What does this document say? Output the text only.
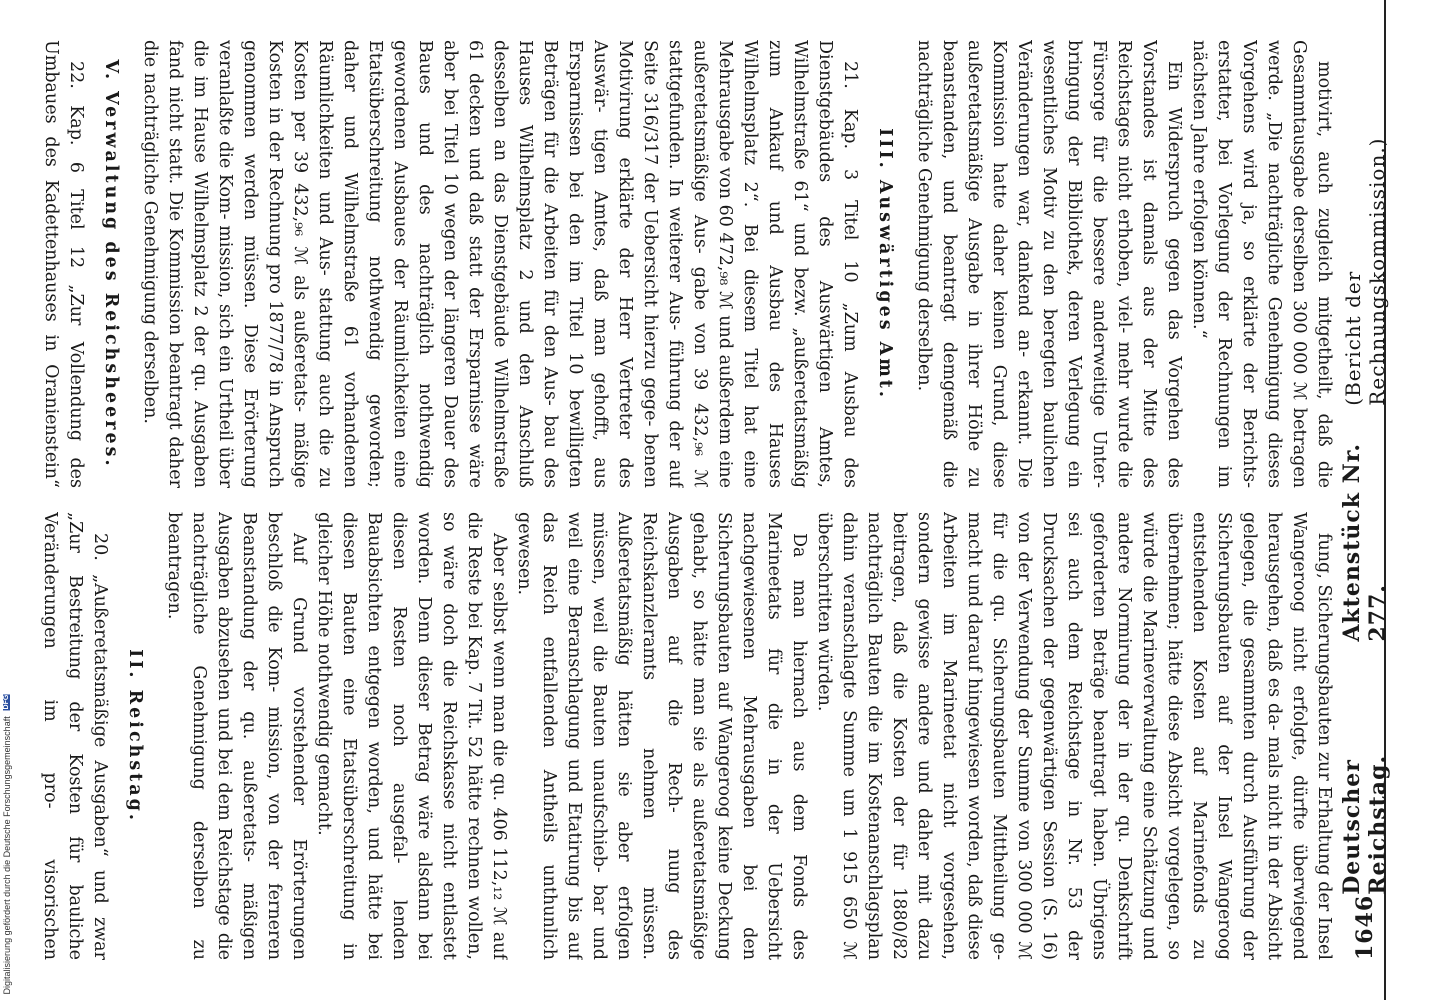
Digitalisierung gefördert durch die Deutsche Forschungsgemeinschaft DFG
1646
Deutscher Reichstag.
Aktenstück Nr. 277.
(Bericht der Rechnungskommission.)

fung, Sicherungsbauten zur Erhaltung der Insel Wangeroog nicht erfolgte, dürfte überwiegend herausgehen, daß es da- mals nicht in der Absicht gelegen, die gesammten durch Ausführung der Sicherungsbauten auf der Insel Wangeroog entstehenden Kosten auf Marinefonds zu übernehmen; hätte diese Absicht vorgelegen, so würde die Marineverwaltung eine Schätzung und andere Normirung der in der qu. Denkschrift geforderten Beträge beantragt haben. Übrigens sei auch dem Reichstage in Nr. 53 der Drucksachen der gegenwärtigen Session (S. 16) von der Verwendung der Summe von 300 000 ℳ für die qu. Sicherungsbauten Mittheilung ge- macht und darauf hingewiesen worden, daß diese Arbeiten im Marineetat nicht vorgesehen, sondern gewisse andere und daher mit dazu beitragen, daß die Kosten der für 1880/82 nachträglich Bauten die im Kostenanschlagsplan dahin veranschlagte Summe um 1 915 650 ℳ überschritten würden.

Da man hiernach aus dem Fonds des Marineetats für die in der Uebersicht nachgewiesenen Mehrausgaben bei den Sicherungsbauten auf Wangeroog keine Deckung gehabt, so hätte man sie als außeretatsmäßige Ausgaben auf die Rech- nung des Reichskanzleramts nehmen müssen. Außeretatsmäßig hätten sie aber erfolgen müssen, weil die Bauten unaufschieb- bar und weil eine Beranschlagung und Etatirung bis auf das Reich entfallenden Antheils unthunlich gewesen.

Aber selbst wenn man die qu. 406 112,₁₂ ℳ auf die Reste bei Kap. 7 Tit. 52 hätte rechnen wollen, so wäre doch die Reichskasse nicht entlastet worden. Denn dieser Betrag wäre alsdann bei diesen Resten noch ausgefal- lenden Bauabsichten entgegen worden, und hätte bei diesen Bauten eine Etatsüberschreitung in gleicher Höhe nothwendig gemacht.

Auf Grund vorstehender Erörterungen beschloß die Kom- mission, von der ferneren Beanstandung der qu. außeretats- mäßigen Ausgaben abzusehen und bei dem Reichstage die nachträgliche Genehmigung derselben zu beantragen.

II. Reichstag.

20. „Außeretatsmäßige Ausgaben“ und zwar „Zur Bestreitung der Kosten für bauliche Veränderungen im pro- visorischen

motivirt, auch zugleich mitgetheilt, daß die Gesammtausgabe derselben 300 000 ℳ betragen werde. „Die nachträgliche Genehmigung dieses Vorgehens wird ja, so erklärte der Berichts- erstatter, bei Vorlegung der Rechnungen im nächsten Jahre erfolgen können.“

Ein Widerspruch gegen das Vorgehen des Vorstandes ist damals aus der Mitte des Reichstages nicht erhoben, viel- mehr wurde die Fürsorge für die bessere anderweitige Unter- bringung der Bibliothek, deren Verlegung ein wesentliches Motiv zu den beregten baulichen Veränderungen war, dankend an- erkannt. Die Kommission hatte daher keinen Grund, diese außeretatsmäßige Ausgabe in ihrer Höhe zu beanstanden, und beantragt demgemäß die nachträgliche Genehmigung derselben.

III. Auswärtiges Amt.

21. Kap. 3 Titel 10 „Zum Ausbau des Dienstgebäudes des Auswärtigen Amtes, Wilhelmstraße 61“ und bezw. „außeretatsmäßig zum Ankauf und Ausbau des Hauses Wilhelmsplatz 2“. Bei diesem Titel hat eine Mehrausgabe von 60 472,₉₈ ℳ und außerdem eine außeretatsmäßige Aus- gabe von 39 432,₉₆ ℳ stattgefunden. In weiterer Aus- führung der auf Seite 316/317 der Uebersicht hierzu gege- benen Motivirung erklärte der Herr Vertreter des Auswär- tigen Amtes, daß man gehofft, aus Ersparnissen bei den im Titel 10 bewilligten Beträgen für die Arbeiten für den Aus- bau des Hauses Wilhelmsplatz 2 und den Anschluß desselben an das Dienstgebäude Wilhelmstraße 61 decken und daß statt der Ersparnisse wäre aber bei Titel 10 wegen der längeren Dauer des Baues und des nachträglich nothwendig gewordenen Ausbaues der Räumlichkeiten eine Etatsüberschreitung nothwendig geworden; daher und Wilhelmstraße 61 vorhandenen Räumlichkeiten und Aus- stattung auch die zu Kosten per 39 432,₉₆ ℳ als außeretats- mäßige Kosten in der Rechnung pro 1877/78 in Anspruch genommen werden müssen. Diese Erörterung veranlaßte die Kom- mission, sich ein Urtheil über die im Hause Wilhelmsplatz 2 der qu. Ausgaben fand nicht statt. Die Kommission beantragt daher die nachträgliche Genehmigung derselben.

V. Verwaltung des Reichsheeres.

22. Kap. 6 Titel 12 „Zur Vollendung des Umbaues des Kadettenhauses in Oranienstein“
